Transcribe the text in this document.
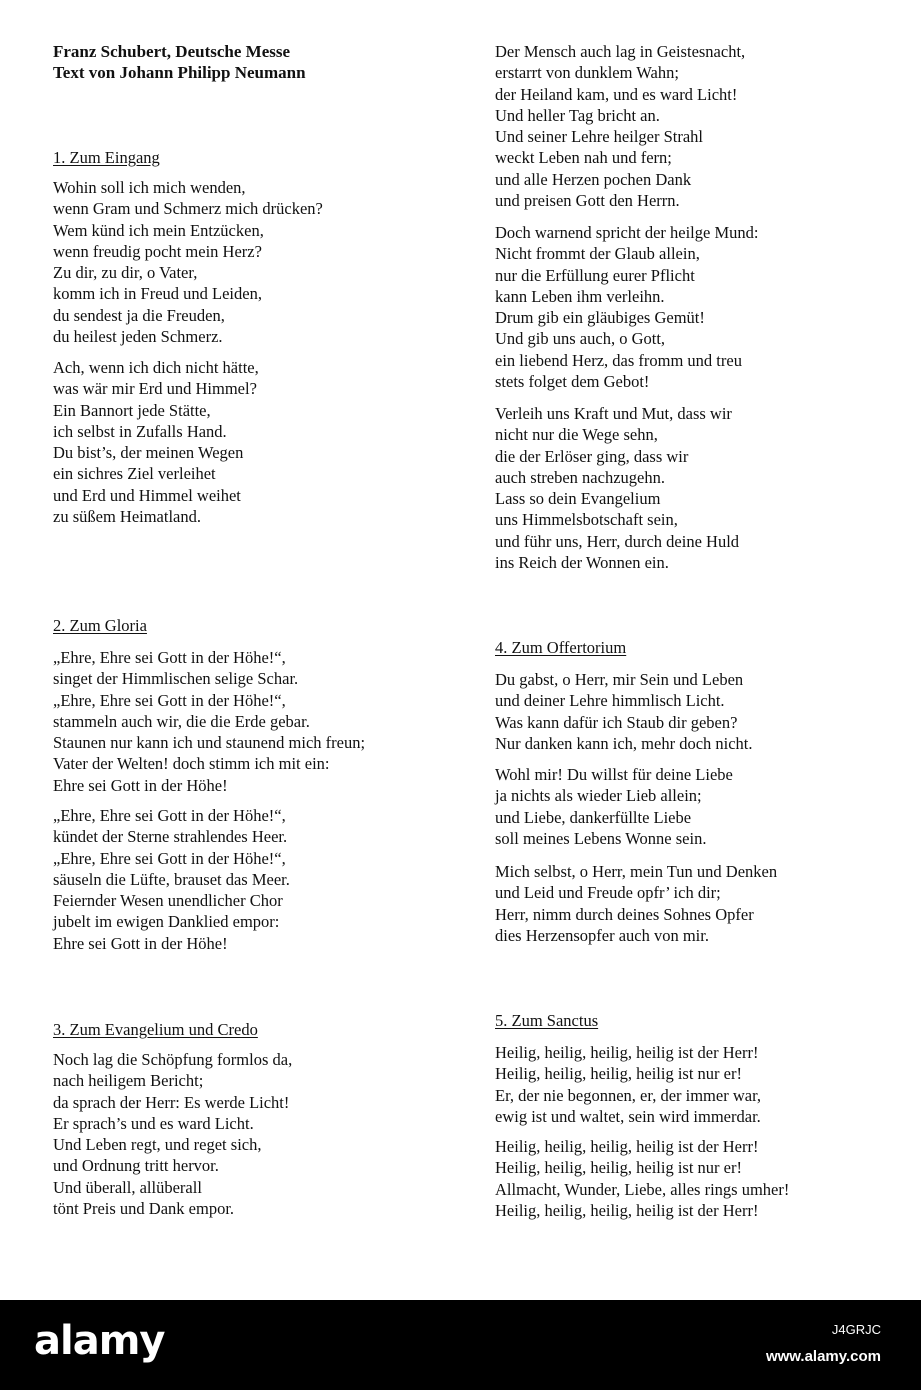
Franz Schubert, Deutsche Messe
Text von Johann Philipp Neumann
1. Zum Eingang
Wohin soll ich mich wenden,
wenn Gram und Schmerz mich drücken?
Wem künd ich mein Entzücken,
wenn freudig pocht mein Herz?
Zu dir, zu dir, o Vater,
komm ich in Freud und Leiden,
du sendest ja die Freuden,
du heilest jeden Schmerz.
Ach, wenn ich dich nicht hätte,
was wär mir Erd und Himmel?
Ein Bannort jede Stätte,
ich selbst in Zufalls Hand.
Du bist’s, der meinen Wegen
ein sichres Ziel verleihet
und Erd und Himmel weihet
zu süßem Heimatland.
2. Zum Gloria
„Ehre, Ehre sei Gott in der Höhe!“,
singet der Himmlischen selige Schar.
„Ehre, Ehre sei Gott in der Höhe!“,
stammeln auch wir, die die Erde gebar.
Staunen nur kann ich und staunend mich freun;
Vater der Welten! doch stimm ich mit ein:
Ehre sei Gott in der Höhe!
„Ehre, Ehre sei Gott in der Höhe!“,
kündet der Sterne strahlendes Heer.
„Ehre, Ehre sei Gott in der Höhe!“,
säuseln die Lüfte, brauset das Meer.
Feiernder Wesen unendlicher Chor
jubelt im ewigen Danklied empor:
Ehre sei Gott in der Höhe!
3. Zum Evangelium und Credo
Noch lag die Schöpfung formlos da,
nach heiligem Bericht;
da sprach der Herr: Es werde Licht!
Er sprach’s und es ward Licht.
Und Leben regt, und reget sich,
und Ordnung tritt hervor.
Und überall, allüberall
tönt Preis und Dank empor.
Der Mensch auch lag in Geistesnacht,
erstarrt von dunklem Wahn;
der Heiland kam, und es ward Licht!
Und heller Tag bricht an.
Und seiner Lehre heilger Strahl
weckt Leben nah und fern;
und alle Herzen pochen Dank
und preisen Gott den Herrn.
Doch warnend spricht der heilge Mund:
Nicht frommt der Glaub allein,
nur die Erfüllung eurer Pflicht
kann Leben ihm verleihn.
Drum gib ein gläubiges Gemüt!
Und gib uns auch, o Gott,
ein liebend Herz, das fromm und treu
stets folget dem Gebot!
Verleih uns Kraft und Mut, dass wir
nicht nur die Wege sehn,
die der Erlöser ging, dass wir
auch streben nachzugehn.
Lass so dein Evangelium
uns Himmelsbotschaft sein,
und führ uns, Herr, durch deine Huld
ins Reich der Wonnen ein.
4. Zum Offertorium
Du gabst, o Herr, mir Sein und Leben
und deiner Lehre himmlisch Licht.
Was kann dafür ich Staub dir geben?
Nur danken kann ich, mehr doch nicht.
Wohl mir! Du willst für deine Liebe
ja nichts als wieder Lieb allein;
und Liebe, dankerfüllte Liebe
soll meines Lebens Wonne sein.
Mich selbst, o Herr, mein Tun und Denken
und Leid und Freude opfr’ ich dir;
Herr, nimm durch deines Sohnes Opfer
dies Herzensopfer auch von mir.
5. Zum Sanctus
Heilig, heilig, heilig, heilig ist der Herr!
Heilig, heilig, heilig, heilig ist nur er!
Er, der nie begonnen, er, der immer war,
ewig ist und waltet, sein wird immerdar.
Heilig, heilig, heilig, heilig ist der Herr!
Heilig, heilig, heilig, heilig ist nur er!
Allmacht, Wunder, Liebe, alles rings umher!
Heilig, heilig, heilig, heilig ist der Herr!
alamy	J4GRJC
www.alamy.com
